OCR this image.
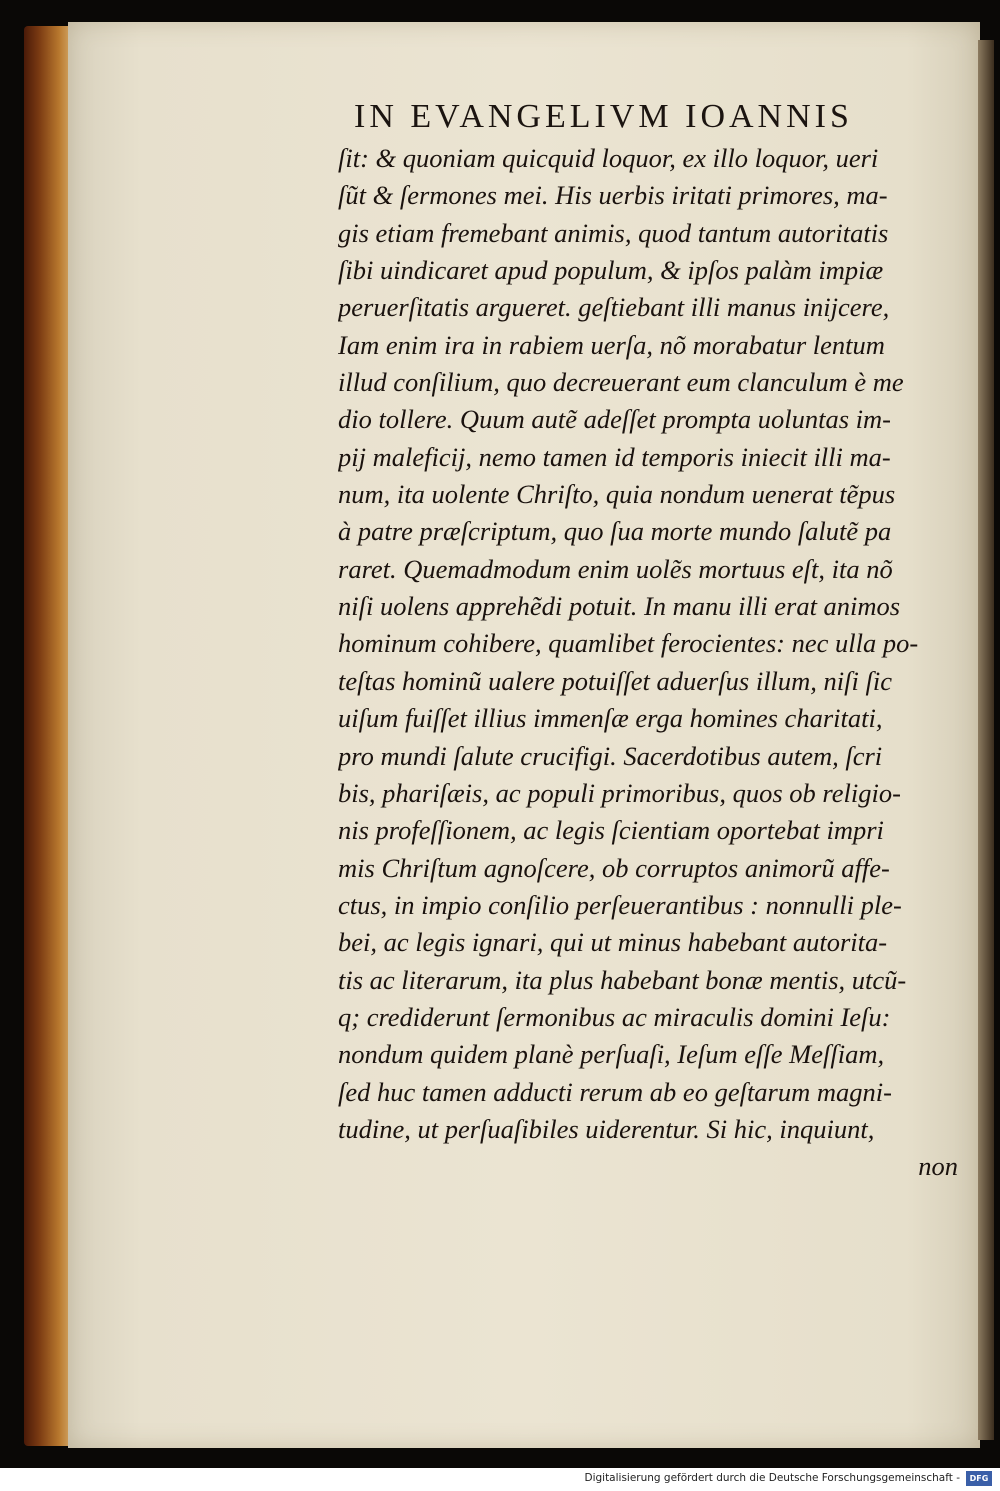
IN EVANGELIVM IOANNIS
ſit: & quoniam quicquid loquor, ex illo loquor, ueri
ſũt & ſermones mei. His uerbis iritati primores, ma-
gis etiam fremebant animis, quod tantum autoritatis
ſibi uindicaret apud populum, & ipſos palàm impiæ
peruerſitatis argueret. geſtiebant illi manus iniјcere,
Iam enim ira in rabiem uerſa, nõ morabatur lentum
illud conſilium, quo decreuerant eum clanculum è me
dio tollere. Quum autẽ adeſſet prompta uoluntas im-
pij maleficij, nemo tamen id temporis iniecit illi ma-
num, ita uolente Chriſto, quia nondum uenerat tẽpus
à patre præſcriptum, quo ſua morte mundo ſalutẽ pa
raret. Quemadmodum enim uolẽs mortuus eſt, ita nõ
niſi uolens apprehẽdi potuit. In manu illi erat animos
hominum cohibere, quamlibet ferocientes: nec ulla po-
teſtas hominũ ualere potuiſſet aduerſus illum, niſi ſic
uiſum fuiſſet illius immenſæ erga homines charitati,
pro mundi ſalute crucifigi. Sacerdotibus autem, ſcri
bis, phariſæis, ac populi primoribus, quos ob religio-
nis profeſſionem, ac legis ſcientiam oportebat impri
mis Chriſtum agnoſcere, ob corruptos animorũ affe-
ctus, in impio conſilio perſeuerantibus : nonnulli ple-
bei, ac legis ignari, qui ut minus habebant autorita-
tis ac literarum, ita plus habebant bonæ mentis, utcũ-
q; crediderunt ſermonibus ac miraculis domini Ieſu:
nondum quidem planè perſuaſi, Ieſum eſſe Meſſiam,
ſed huc tamen adducti rerum ab eo geſtarum magni-
tudine, ut perſuaſibiles uiderentur. Si hic, inquiunt,
non
Digitalisierung gefördert durch die Deutsche Forschungsgemeinschaft -	DFG
